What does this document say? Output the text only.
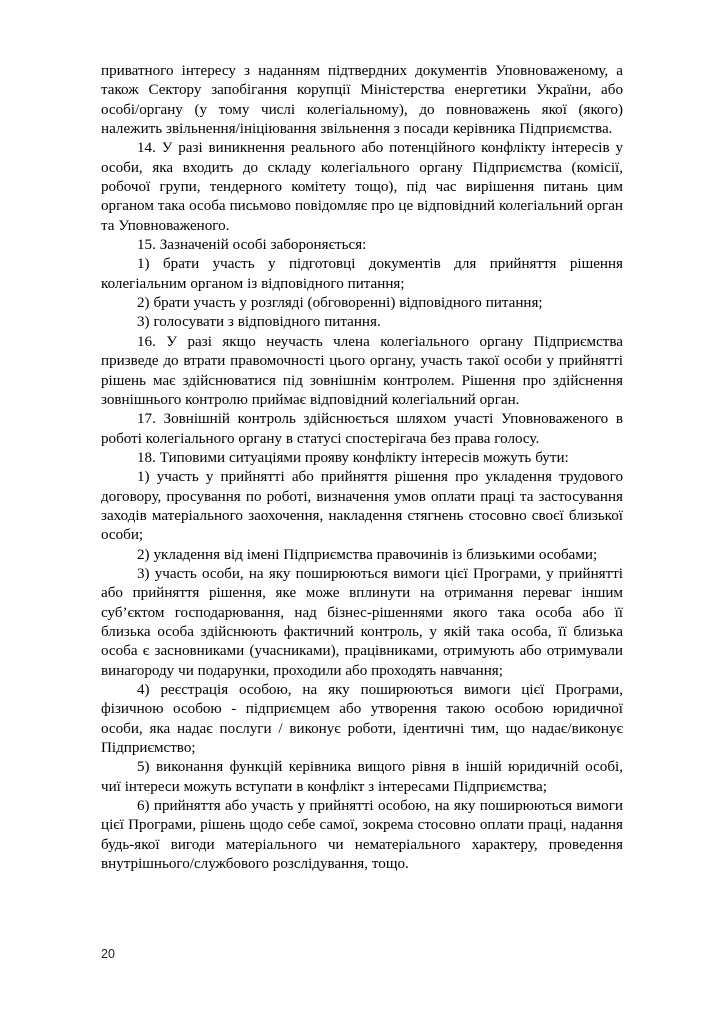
приватного інтересу з наданням підтвердних документів Уповноваженому, а також Сектору запобігання корупції Міністерства енергетики України, або особі/органу (у тому числі колегіальному), до повноважень якої (якого) належить звільнення/ініціювання звільнення з посади керівника Підприємства.

14. У разі виникнення реального або потенційного конфлікту інтересів у особи, яка входить до складу колегіального органу Підприємства (комісії, робочої групи, тендерного комітету тощо), під час вирішення питань цим органом така особа письмово повідомляє про це відповідний колегіальний орган та Уповноваженого.

15. Зазначеній особі забороняється:

1) брати участь у підготовці документів для прийняття рішення колегіальним органом із відповідного питання;

2) брати участь у розгляді (обговоренні) відповідного питання;

3) голосувати з відповідного питання.

16. У разі якщо неучасть члена колегіального органу Підприємства призведе до втрати правомочності цього органу, участь такої особи у прийнятті рішень має здійснюватися під зовнішнім контролем. Рішення про здійснення зовнішнього контролю приймає відповідний колегіальний орган.

17. Зовнішній контроль здійснюється шляхом участі Уповноваженого в роботі колегіального органу в статусі спостерігача без права голосу.

18. Типовими ситуаціями прояву конфлікту інтересів можуть бути:

1) участь у прийнятті або прийняття рішення про укладення трудового договору, просування по роботі, визначення умов оплати праці та застосування заходів матеріального заохочення, накладення стягнень стосовно своєї близької особи;

2) укладення від імені Підприємства правочинів із близькими особами;

3) участь особи, на яку поширюються вимоги цієї Програми, у прийнятті або прийняття рішення, яке може вплинути на отримання переваг іншим суб’єктом господарювання, над бізнес-рішеннями якого така особа або її близька особа здійснюють фактичний контроль, у якій така особа, її близька особа є засновниками (учасниками), працівниками, отримують або отримували винагороду чи подарунки, проходили або проходять навчання;

4) реєстрація особою, на яку поширюються вимоги цієї Програми, фізичною особою - підприємцем або утворення такою особою юридичної особи, яка надає послуги / виконує роботи, ідентичні тим, що надає/виконує Підприємство;

5) виконання функцій керівника вищого рівня в іншій юридичній особі, чиї інтереси можуть вступати в конфлікт з інтересами Підприємства;

6) прийняття або участь у прийнятті особою, на яку поширюються вимоги цієї Програми, рішень щодо себе самої, зокрема стосовно оплати праці, надання будь-якої вигоди матеріального чи нематеріального характеру, проведення внутрішнього/службового розслідування, тощо.

20
